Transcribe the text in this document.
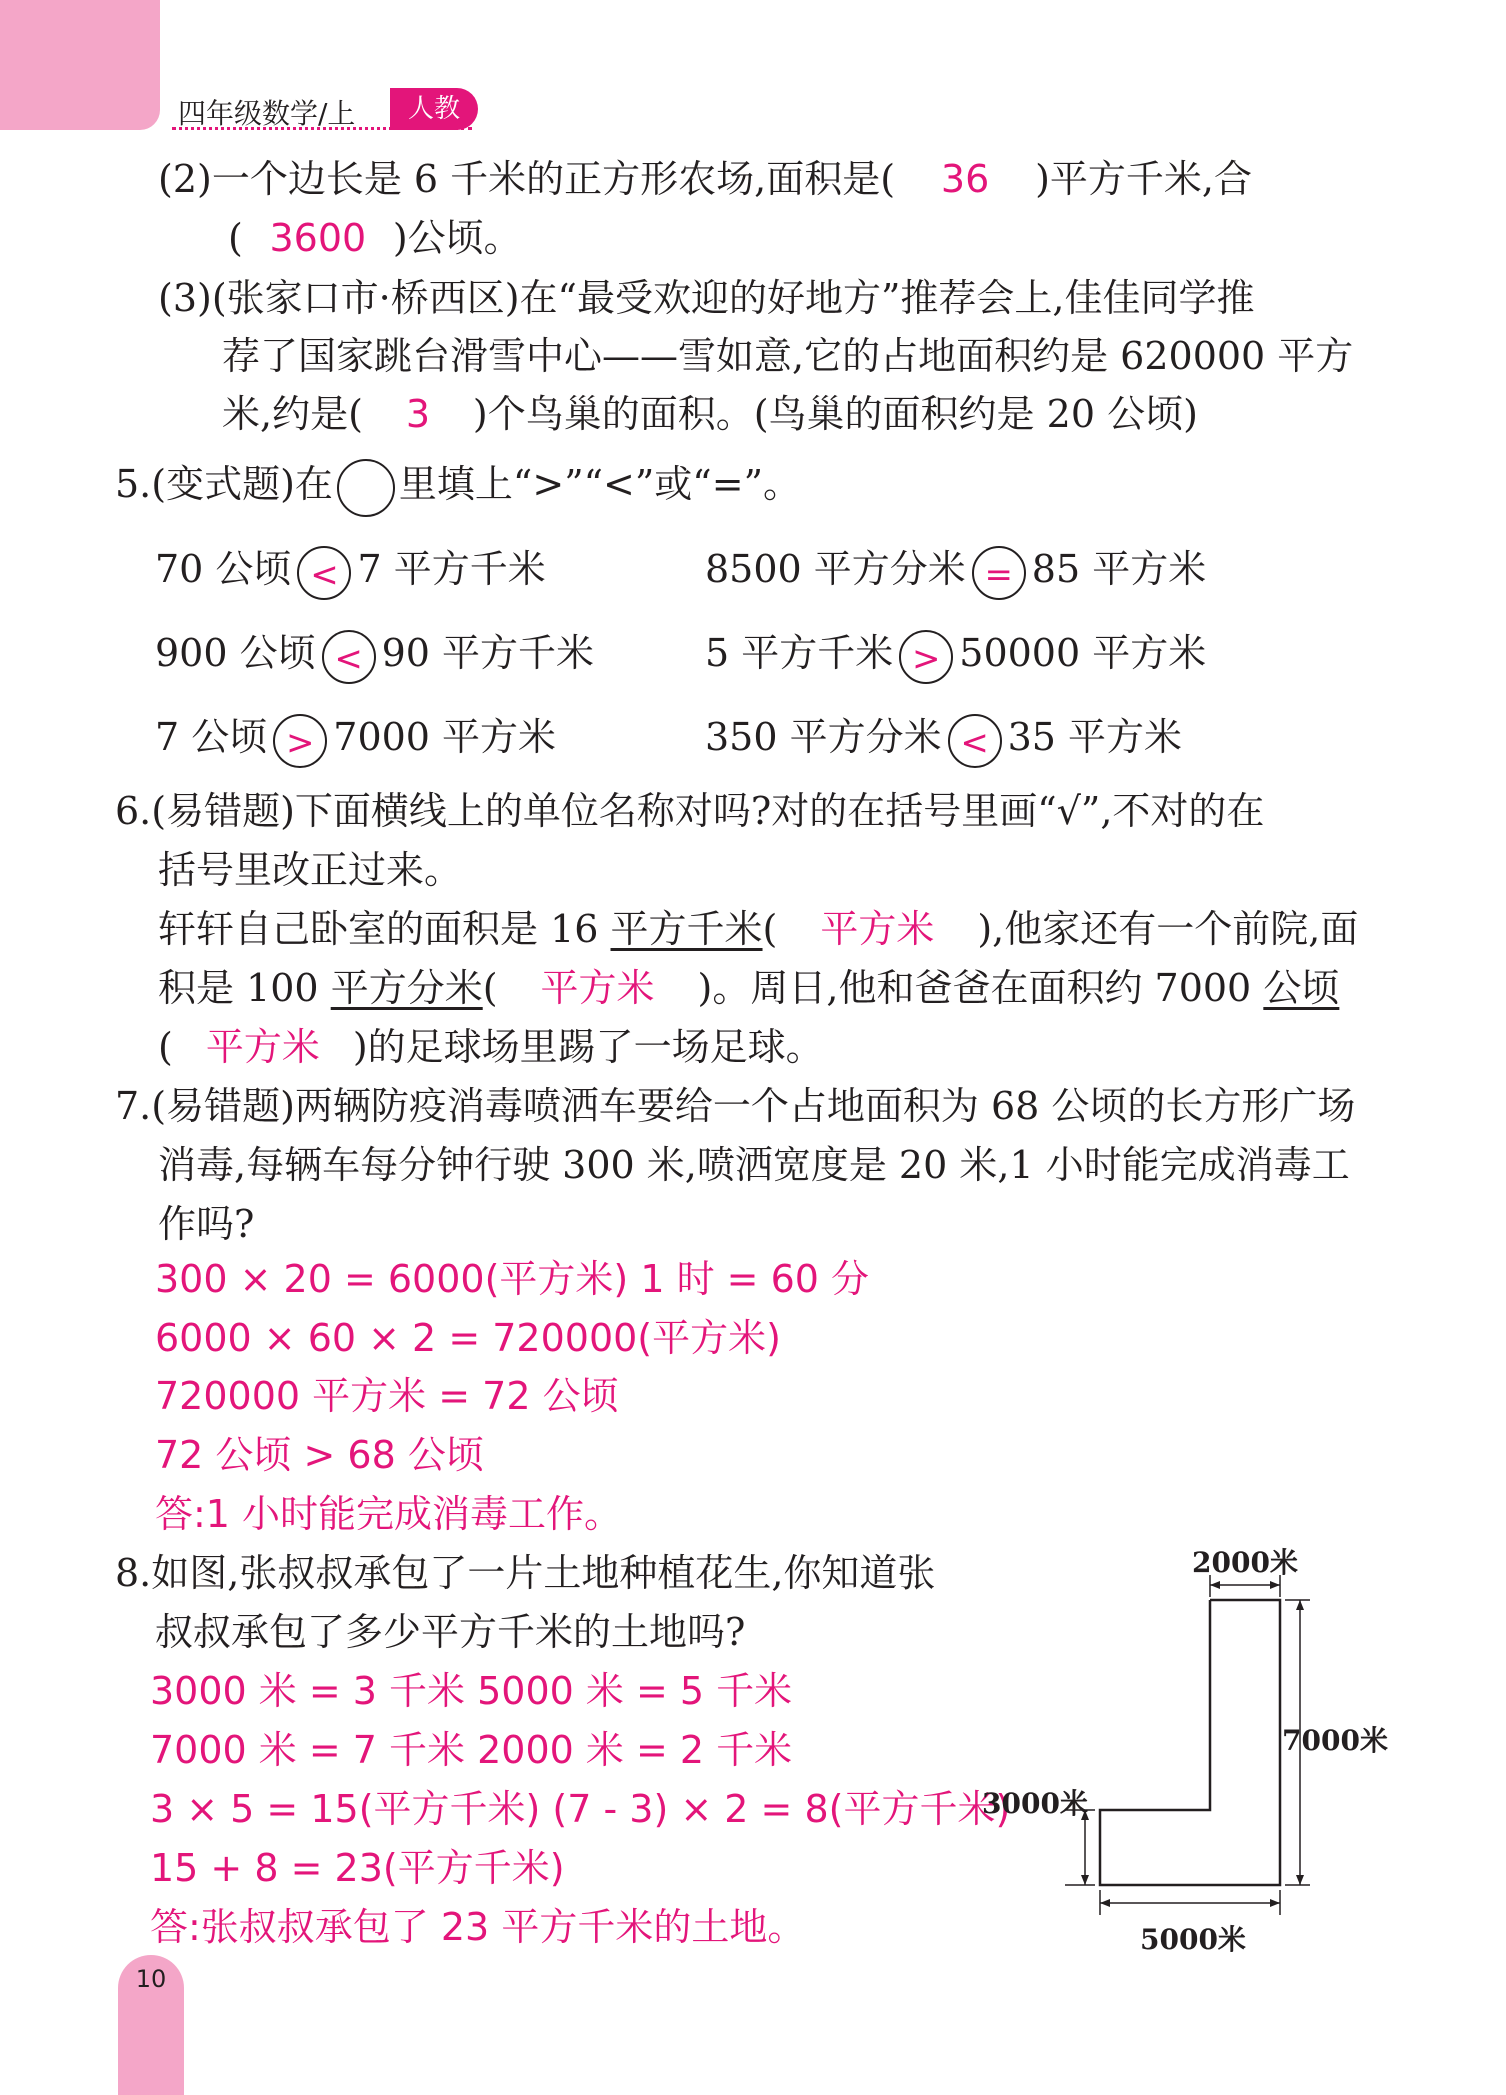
四年级数学/上	人教
(2)一个边长是 6 千米的正方形农场,面积是( 36 )平方千米,合
( 3600 )公顷。
(3)(张家口市·桥西区)在“最受欢迎的好地方”推荐会上,佳佳同学推
荐了国家跳台滑雪中心——雪如意,它的占地面积约是 620000 平方
米,约是( 3 )个鸟巢的面积。(鸟巢的面积约是 20 公顷)
5.(变式题)在 里填上“>”“<”或“=”。
70 公顷 < 7 平方千米	8500 平方分米 = 85 平方米
900 公顷 < 90 平方千米	5 平方千米 > 50000 平方米
7 公顷 > 7000 平方米	350 平方分米 < 35 平方米
6.(易错题)下面横线上的单位名称对吗?对的在括号里画“√”,不对的在
括号里改正过来。
轩轩自己卧室的面积是 16 平方千米( 平方米 ),他家还有一个前院,面
积是 100 平方分米( 平方米 )。周日,他和爸爸在面积约 7000 公顷
( 平方米 )的足球场里踢了一场足球。
7.(易错题)两辆防疫消毒喷洒车要给一个占地面积为 68 公顷的长方形广场
消毒,每辆车每分钟行驶 300 米,喷洒宽度是 20 米,1 小时能完成消毒工
作吗?
300 × 20 = 6000(平方米) 1 时 = 60 分
6000 × 60 × 2 = 720000(平方米)
720000 平方米 = 72 公顷
72 公顷 > 68 公顷
答:1 小时能完成消毒工作。
8.如图,张叔叔承包了一片土地种植花生,你知道张
叔叔承包了多少平方千米的土地吗?
3000 米 = 3 千米 5000 米 = 5 千米
7000 米 = 7 千米 2000 米 = 2 千米
3 × 5 = 15(平方千米) (7 - 3) × 2 = 8(平方千米)
15 + 8 = 23(平方千米)
答:张叔叔承包了 23 平方千米的土地。
2000米
7000米
3000米
5000米
10
